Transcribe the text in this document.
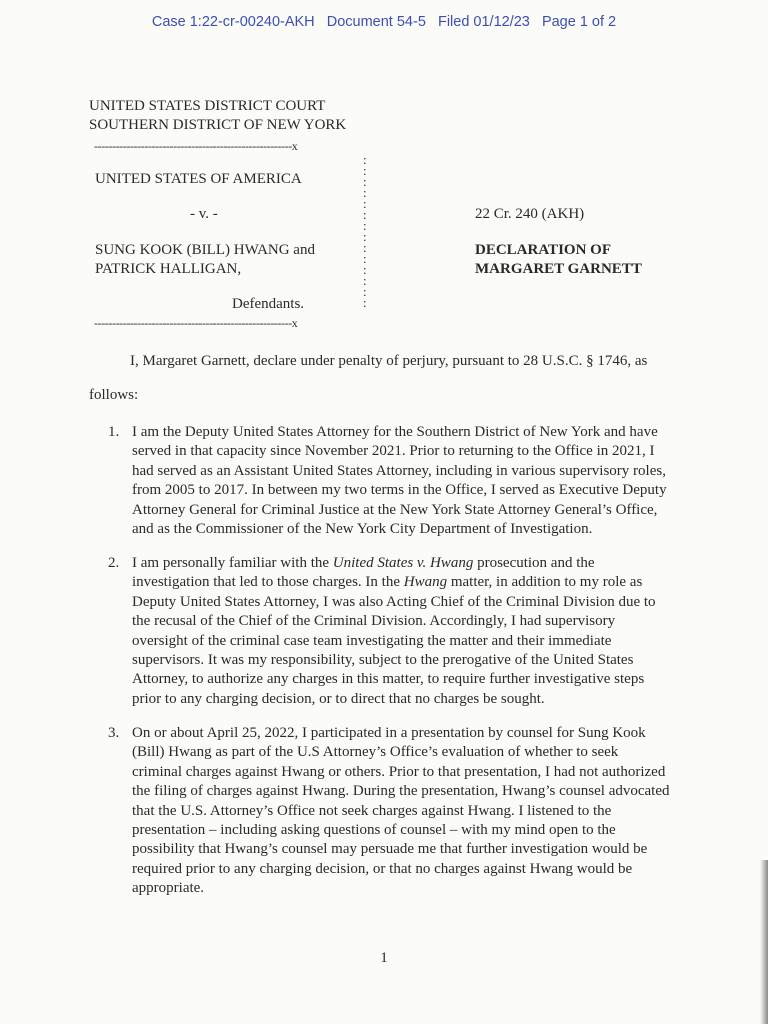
Case 1:22-cr-00240-AKH   Document 54-5   Filed 01/12/23   Page 1 of 2
UNITED STATES DISTRICT COURT
SOUTHERN DISTRICT OF NEW YORK
-------------------------------------------------------x
:
:
:
:
:
:
:
:
:
:
:
:
:
:
-------------------------------------------------------x
UNITED STATES OF AMERICA
- v. -
SUNG KOOK (BILL) HWANG and
PATRICK HALLIGAN,
Defendants.
22 Cr. 240 (AKH)
DECLARATION OF
MARGARET GARNETT
I, Margaret Garnett, declare under penalty of perjury, pursuant to 28 U.S.C. § 1746, as
follows:
1. I am the Deputy United States Attorney for the Southern District of New York and have
served in that capacity since November 2021. Prior to returning to the Office in 2021, I
had served as an Assistant United States Attorney, including in various supervisory roles,
from 2005 to 2017. In between my two terms in the Office, I served as Executive Deputy
Attorney General for Criminal Justice at the New York State Attorney General’s Office,
and as the Commissioner of the New York City Department of Investigation.
2. I am personally familiar with the United States v. Hwang prosecution and the
investigation that led to those charges. In the Hwang matter, in addition to my role as
Deputy United States Attorney, I was also Acting Chief of the Criminal Division due to
the recusal of the Chief of the Criminal Division. Accordingly, I had supervisory
oversight of the criminal case team investigating the matter and their immediate
supervisors. It was my responsibility, subject to the prerogative of the United States
Attorney, to authorize any charges in this matter, to require further investigative steps
prior to any charging decision, or to direct that no charges be sought.
3. On or about April 25, 2022, I participated in a presentation by counsel for Sung Kook
(Bill) Hwang as part of the U.S Attorney’s Office’s evaluation of whether to seek
criminal charges against Hwang or others. Prior to that presentation, I had not authorized
the filing of charges against Hwang. During the presentation, Hwang’s counsel advocated
that the U.S. Attorney’s Office not seek charges against Hwang. I listened to the
presentation – including asking questions of counsel – with my mind open to the
possibility that Hwang’s counsel may persuade me that further investigation would be
required prior to any charging decision, or that no charges against Hwang would be
appropriate.
1
